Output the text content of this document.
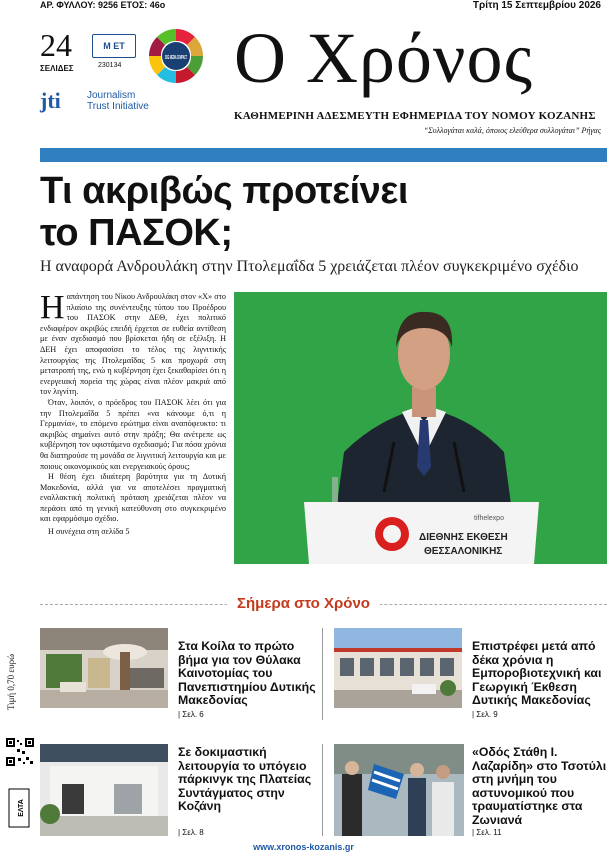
ΑΡ. ΦΥΛΛΟΥ: 9256 ΕΤΟΣ: 46ο	Τρίτη 15 Σεπτεμβρίου 2026
24
ΣΕΛΙΔΕΣ
Μ ΕΤ
230134
SDG MEDIA COMPACT
jti	Journalism
Trust Initiative
Ο Χρόνος
ΚΑΘΗΜΕΡΙΝΗ ΑΔΕΣΜΕΥΤΗ ΕΦΗΜΕΡΙΔΑ ΤΟΥ ΝΟΜΟΥ ΚΟΖΑΝΗΣ
“Συλλογάται καλά, όποιος ελεύθερα συλλογάται” Ρήγας
Τι ακριβώς προτείνει
το ΠΑΣΟΚ;
Η αναφορά Ανδρουλάκη στην Πτολεμαΐδα 5 χρειάζεται πλέον συγκεκριμένο σχέδιο

Ηαπάντηση του Νίκου Ανδρουλάκη στον «Χ» στο πλαίσιο της συνέντευξης τύπου του Προέδρου του ΠΑΣΟΚ στην ΔΕΘ, έχει πολιτικό ενδιαφέρον ακριβώς επειδή έρχεται σε ευθεία αντίθεση με έναν σχεδιασμό που βρίσκεται ήδη σε εξέλιξη. Η ΔΕΗ έχει αποφασίσει το τέλος της λιγνιτικής λειτουργίας της Πτολεμαΐδας 5 και προχωρά στη μετατροπή της, ενώ η κυβέρνηση έχει ξεκαθαρίσει ότι η ενεργειακή πορεία της χώρας είναι πλέον μακριά από τον λιγνίτη.

Όταν, λοιπόν, ο πρόεδρος του ΠΑΣΟΚ λέει ότι για την Πτολεμαΐδα 5 πρέπει «να κάνουμε ό,τι η Γερμανία», το επόμενο ερώτημα είναι αναπόφευκτο: τι ακριβώς σημαίνει αυτό στην πράξη; Θα ανέτρεπε ως κυβέρνηση τον υφιστάμενο σχεδιασμό; Για πόσα χρόνια θα διατηρούσε τη μονάδα σε λιγνιτική λειτουργία και με ποιους οικονομικούς και ενεργειακούς όρους;

Η θέση έχει ιδιαίτερη βαρύτητα για τη Δυτική Μακεδονία, αλλά για να αποτελέσει πραγματική εναλλακτική πολιτική πρόταση χρειάζεται πλέον να περάσει από τη γενική κατεύθυνση στο συγκεκριμένο και εφαρμόσιμο σχέδιο.

Η συνέχεια στη σελίδα 5

ΔΙΕΘΝΗΣ ΕΚΘΕΣΗ
ΘΕΣΣΑΛΟΝΙΚΗΣ
tifhelexpo
Σήμερα στο Χρόνο
Τιμή 0,70 ευρώ
Στα Κοίλα το πρώτο βήμα για τον Θύλακα Καινοτομίας του Πανεπιστημίου Δυτικής Μακεδονίας
| Σελ. 6
Επιστρέφει μετά από δέκα χρόνια η Εμποροβιοτεχνική και Γεωργική Έκθεση Δυτικής Μακεδονίας
| Σελ. 9
Σε δοκιμαστική λειτουργία το υπόγειο πάρκινγκ της Πλατείας Συντάγματος στην Κοζάνη
| Σελ. 8
«Οδός Στάθη Ι. Λαζαρίδη» στο Τσοτύλι στη μνήμη του αστυνομικού που τραυματίστηκε στα Ζωνιανά
| Σελ. 11
ΕΛΤΑ
www.xronos-kozanis.gr
